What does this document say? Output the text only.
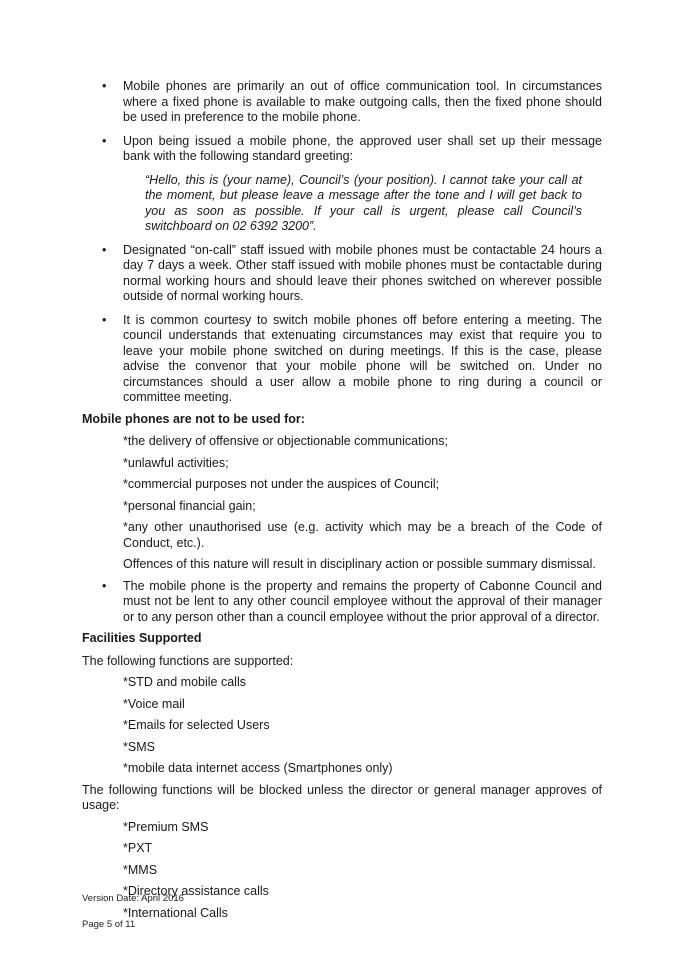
• Mobile phones are primarily an out of office communication tool. In circumstances where a fixed phone is available to make outgoing calls, then the fixed phone should be used in preference to the mobile phone.
• Upon being issued a mobile phone, the approved user shall set up their message bank with the following standard greeting:
“Hello, this is (your name), Council’s (your position). I cannot take your call at the moment, but please leave a message after the tone and I will get back to you as soon as possible. If your call is urgent, please call Council’s switchboard on 02 6392 3200”.
• Designated “on-call” staff issued with mobile phones must be contactable 24 hours a day 7 days a week. Other staff issued with mobile phones must be contactable during normal working hours and should leave their phones switched on wherever possible outside of normal working hours.
• It is common courtesy to switch mobile phones off before entering a meeting. The council understands that extenuating circumstances may exist that require you to leave your mobile phone switched on during meetings. If this is the case, please advise the convenor that your mobile phone will be switched on. Under no circumstances should a user allow a mobile phone to ring during a council or committee meeting.
Mobile phones are not to be used for:
*the delivery of offensive or objectionable communications;
*unlawful activities;
*commercial purposes not under the auspices of Council;
*personal financial gain;
*any other unauthorised use (e.g. activity which may be a breach of the Code of Conduct, etc.).
Offences of this nature will result in disciplinary action or possible summary dismissal.
• The mobile phone is the property and remains the property of Cabonne Council and must not be lent to any other council employee without the approval of their manager or to any person other than a council employee without the prior approval of a director.
Facilities Supported
The following functions are supported:
*STD and mobile calls
*Voice mail
*Emails for selected Users
*SMS
*mobile data internet access (Smartphones only)
The following functions will be blocked unless the director or general manager approves of usage:
*Premium SMS
*PXT
*MMS
*Directory assistance calls
*International Calls
Version Date: April 2016
Page 5 of 11
